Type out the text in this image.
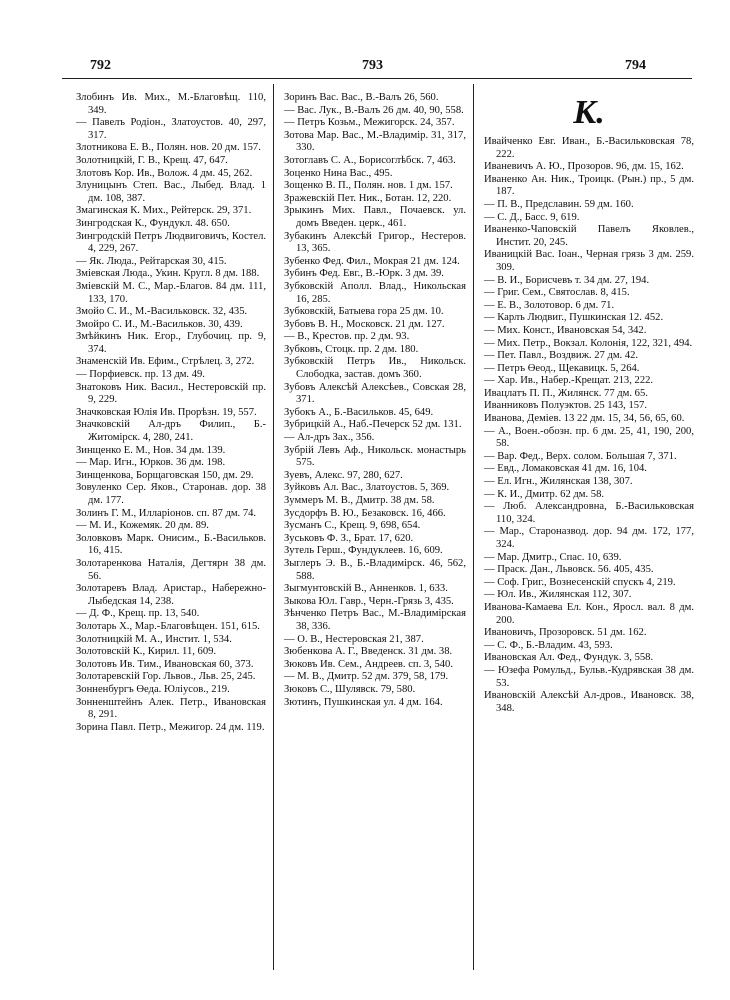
792	793	794

Злобинъ Ив. Мих., М.-Благовѣщ. 110, 349.

— Павелъ Родіон., Златоустов. 40, 297, 317.

Злотникова Е. В., Полян. нов. 20 дм. 157.

Золотницкій, Г. В., Крещ. 47, 647.

Злотовъ Кор. Ив., Волож. 4 дм. 45, 262.

Злуницынъ Степ. Вас., Лыбед. Влад. 1 дм. 108, 387.

Змагинская К. Мих., Рейтерск. 29, 371.

Зингродская К., Фундукл. 48. 650.

Зингродскій Петръ Людвиговичъ, Костел. 4, 229, 267.

— Як. Люда., Рейтарская 30, 415.

Зміевская Люда., Укин. Кругл. 8 дм. 188.

Зміевскій М. С., Мар.-Благов. 84 дм. 111, 133, 170.

Змойо С. И., М.-Васильковск. 32, 435.

Змойро С. И., М.-Васильков. 30, 439.

Змѣйкинъ Ник. Егор., Глубочиц. пр. 9, 374.

Знаменскій Ив. Ефим., Стрѣлец. 3, 272.

— Порфиевск. пр. 13 дм. 49.

Знатоковъ Ник. Васил., Нестеровскій пр. 9, 229.

Значковская Юлія Ив. Прорѣзн. 19, 557.

Значковскій Ал-дръ Филип., Б.-Житомірск. 4, 280, 241.

Зинщенко Е. М., Нов. 34 дм. 139.

— Мар. Игн., Юрков. 36 дм. 198.

Зинщенкова, Борщаговская 150, дм. 29.

Зовуленко Сер. Яков., Старонав. дор. 38 дм. 177.

Золинъ Г. М., Илларіонов. сп. 87 дм. 74.

— М. И., Кожемяк. 20 дм. 89.

Золовковъ Марк. Онисим., Б.-Васильков. 16, 415.

Золотаренкова Наталія, Дегтярн 38 дм. 56.

Золотаревъ Влад. Аристар., Набережно-Лыбедская 14, 238.

— Д. Ф., Крещ. пр. 13, 540.

Золотарь Х., Мар.-Благовѣщен. 151, 615.

Золотницкій М. А., Инстит. 1, 534.

Золотовскій К., Кирил. 11, 609.

Золотовъ Ив. Тим., Ивановская 60, 373.

Золотаревскій Гор. Львов., Льв. 25, 245.

Зонненбургъ Өеда. Юліусов., 219.

Зонненштейнъ Алек. Петр., Ивановская 8, 291.

Зорина Павл. Петр., Межигор. 24 дм. 119.

Зоринъ Вас. Вас., В.-Валъ 26, 560.

— Вас. Лук., В.-Валъ 26 дм. 40, 90, 558.

— Петръ Козьм., Межигорск. 24, 357.

Зотова Мар. Вас., М.-Владимір. 31, 317, 330.

Зотоглавъ С. А., Борисоглѣбск. 7, 463.

Зоценко Нина Вас., 495.

Зощенко В. П., Полян. нов. 1 дм. 157.

Зражевскій Пет. Ник., Ботан. 12, 220.

Зрыкинъ Мих. Павл., Почаевск. ул. домъ Введен. церк., 461.

Зубакинъ Алексѣй Григор., Нестеров. 13, 365.

Зубенко Фед. Фил., Мокрая 21 дм. 124.

Зубинъ Фед. Евг., В.-Юрк. 3 дм. 39.

Зубковскій Аполл. Влад., Никольская 16, 285.

Зубковскій, Батыева гора 25 дм. 10.

Зубовъ В. Н., Московск. 21 дм. 127.

— В., Крестов. пр. 2 дм. 93.

Зубковъ, Стоцк. пр. 2 дм. 180.

Зубковскій Петръ Ив., Никольск. Слободка, застав. домъ 360.

Зубовъ Алексѣй Алексѣев., Совская 28, 371.

Зубокъ А., Б.-Васильков. 45, 649.

Зубрицкій А., Наб.-Печерск 52 дм. 131.

— Ал-дръ Зах., 356.

Зубрій Левъ Аф., Никольск. монастырь 575.

Зуевъ, Алекс. 97, 280, 627.

Зуйковъ Ал. Вас., Златоустов. 5, 369.

Зуммеръ М. В., Дмитр. 38 дм. 58.

Зусдорфъ В. Ю., Безаковск. 16, 466.

Зусманъ С., Крещ. 9, 698, 654.

Зуськовъ Ф. З., Брат. 17, 620.

Зутель Герш., Фундуклеев. 16, 609.

Зыглеръ Э. В., Б.-Владимірск. 46, 562, 588.

Зыгмунтовскій В., Анненков. 1, 633.

Зыкова Юл. Гавр., Черн.-Грязь 3, 435.

Зѣнченко Петръ Вас., М.-Владимірская 38, 336.

— О. В., Нестеровская 21, 387.

Зюбенкова А. Г., Введенск. 31 дм. 38.

Зюковъ Ив. Сем., Андреев. сп. 3, 540.

— М. В., Дмитр. 52 дм. 379, 58, 179.

Зюковъ С., Шулявск. 79, 580.

Зютинъ, Пушкинская ул. 4 дм. 164.

К.

Ивайченко Евг. Иван., Б.-Васильковская 78, 222.

Иваневичъ А. Ю., Прозоров. 96, дм. 15, 162.

Иваненко Ан. Ник., Троицк. (Рын.) пр., 5 дм. 187.

— П. В., Предславин. 59 дм. 160.

— С. Д., Басс. 9, 619.

Иваненко-Чаповскій Павелъ Яковлев., Инстит. 20, 245.

Иваницкій Вас. Іоан., Черная грязь 3 дм. 259. 309.

— В. И., Борисчевъ т. 34 дм. 27, 194.

— Григ. Сем., Святослав. 8, 415.

— Е. В., Золотовор. 6 дм. 71.

— Карлъ Людвиг., Пушкинская 12. 452.

— Мих. Конст., Ивановская 54, 342.

— Мих. Петр., Вокзал. Колонія, 122, 321, 494.

— Пет. Павл., Воздвиж. 27 дм. 42.

— Петръ Өеод., Щекавицк. 5, 264.

— Хар. Ив., Набер.-Крещат. 213, 222.

Ивацлатъ П. П., Жилянск. 77 дм. 65.

Иванниковъ Полуэктов. 25 143, 157.

Иванова, Деміев. 13 22 дм. 15, 34, 56, 65, 60.

— А., Воен.-обозн. пр. 6 дм. 25, 41, 190, 200, 58.

— Вар. Фед., Верх. солом. Большая 7, 371.

— Евд., Ломаковская 41 дм. 16, 104.

— Ел. Игн., Жилянская 138, 307.

— К. И., Дмитр. 62 дм. 58.

— Люб. Александровна, Б.-Васильковская 110, 324.

— Мар., Староназвод. дор. 94 дм. 172, 177, 324.

— Мар. Дмитр., Спас. 10, 639.

— Праск. Дан., Львовск. 56. 405, 435.

— Соф. Григ., Вознесенскій спускъ 4, 219.

— Юл. Ив., Жилянская 112, 307.

Иванова-Камаева Ел. Кон., Яросл. вал. 8 дм. 200.

Ивановичъ, Прозоровск. 51 дм. 162.

— С. Ф., Б.-Владим. 43, 593.

Ивановская Ал. Фед., Фундук. 3, 558.

— Юзефа Ромульд., Бульв.-Кудрявская 38 дм. 53.

Ивановскій Алексѣй Ал-дров., Ивановск. 38, 348.
